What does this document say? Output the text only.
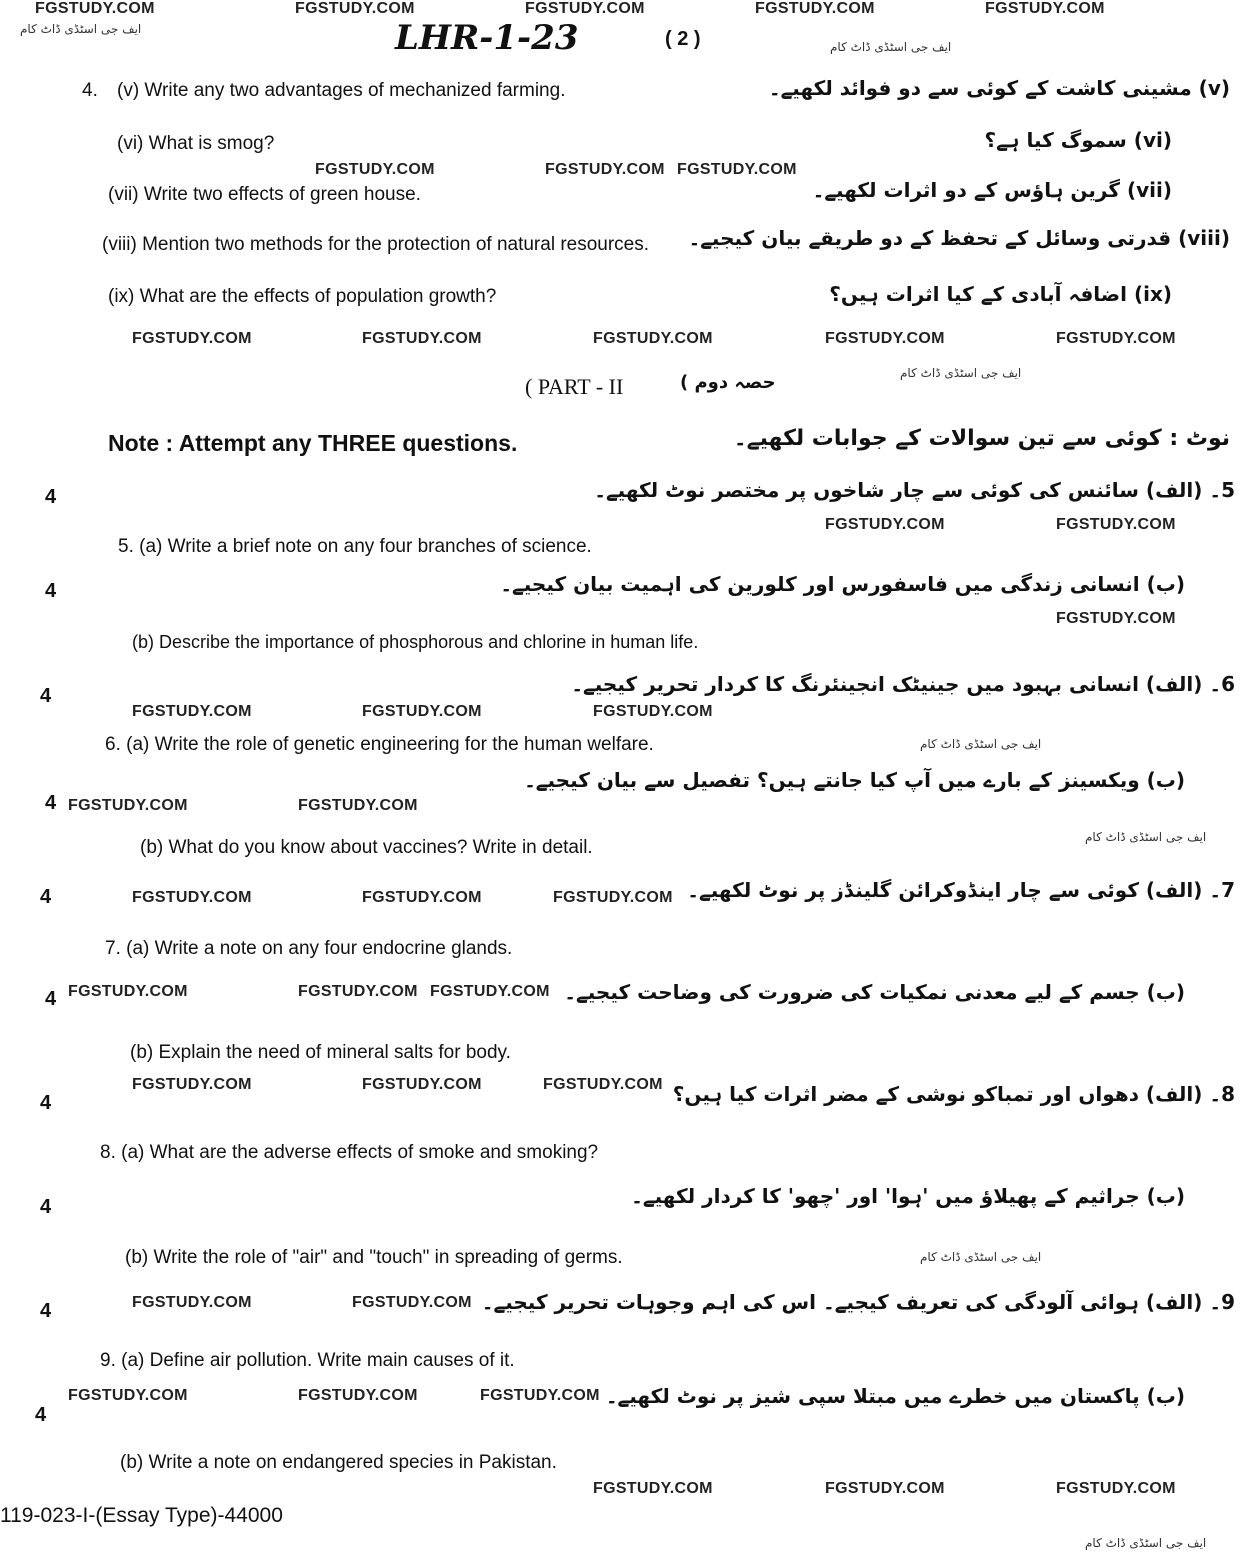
FGSTUDY.COM	FGSTUDY.COM	FGSTUDY.COM	FGSTUDY.COM	FGSTUDY.COM
FGSTUDY.COM	FGSTUDY.COM FGSTUDY.COM
FGSTUDY.COM	FGSTUDY.COM	FGSTUDY.COM	FGSTUDY.COM	FGSTUDY.COM
FGSTUDY.COM	FGSTUDY.COM
FGSTUDY.COM
FGSTUDY.COM	FGSTUDY.COM	FGSTUDY.COM
FGSTUDY.COM	FGSTUDY.COM
FGSTUDY.COM	FGSTUDY.COM	FGSTUDY.COM
FGSTUDY.COM	FGSTUDY.COM FGSTUDY.COM
FGSTUDY.COM	FGSTUDY.COM	FGSTUDY.COM
FGSTUDY.COM	FGSTUDY.COM
FGSTUDY.COM	FGSTUDY.COM	FGSTUDY.COM
FGSTUDY.COM	FGSTUDY.COM	FGSTUDY.COM
ایف جی اسٹڈی ڈاٹ کام
ایف جی اسٹڈی ڈاٹ کام
ایف جی اسٹڈی ڈاٹ کام
ایف جی اسٹڈی ڈاٹ کام
ایف جی اسٹڈی ڈاٹ کام
ایف جی اسٹڈی ڈاٹ کام
ایف جی اسٹڈی ڈاٹ کام
LHR-1-23	( 2 )
4. (v) Write any two advantages of mechanized farming.	(v) مشینی کاشت کے کوئی سے دو فوائد لکھیے۔
(vi) What is smog?	(vi) سموگ کیا ہے؟
(vii) Write two effects of green house.	(vii) گرین ہاؤس کے دو اثرات لکھیے۔
(viii) Mention two methods for the protection of natural resources. (viii) قدرتی وسائل کے تحفظ کے دو طریقے بیان کیجیے۔
(ix) What are the effects of population growth?	(ix) اضافہ آبادی کے کیا اثرات ہیں؟
( PART - II	حصہ دوم )
Note : Attempt any THREE questions.	نوٹ : کوئی سے تین سوالات کے جوابات لکھیے۔
4	5۔ (الف) سائنس کی کوئی سے چار شاخوں پر مختصر نوٹ لکھیے۔
5. (a) Write a brief note on any four branches of science.
4	(ب) انسانی زندگی میں فاسفورس اور کلورین کی اہمیت بیان کیجیے۔
(b) Describe the importance of phosphorous and chlorine in human life.
4	6۔ (الف) انسانی بہبود میں جینیٹک انجینئرنگ کا کردار تحریر کیجیے۔
6. (a) Write the role of genetic engineering for the human welfare.
4
(ب) ویکسینز کے بارے میں آپ کیا جانتے ہیں؟ تفصیل سے بیان کیجیے۔
(b) What do you know about vaccines? Write in detail.
4	7۔ (الف) کوئی سے چار اینڈوکرائن گلینڈز پر نوٹ لکھیے۔
7. (a) Write a note on any four endocrine glands.
4	(ب) جسم کے لیے معدنی نمکیات کی ضرورت کی وضاحت کیجیے۔
(b) Explain the need of mineral salts for body.
4	8۔ (الف) دھواں اور تمباکو نوشی کے مضر اثرات کیا ہیں؟
8. (a) What are the adverse effects of smoke and smoking?
4	(ب) جراثیم کے پھیلاؤ میں 'ہوا' اور 'چھو' کا کردار لکھیے۔
(b) Write the role of "air" and "touch" in spreading of germs.
4	9۔ (الف) ہوائی آلودگی کی تعریف کیجیے۔ اس کی اہم وجوہات تحریر کیجیے۔
9. (a) Define air pollution. Write main causes of it.
4
(ب) پاکستان میں خطرے میں مبتلا سپی شیز پر نوٹ لکھیے۔
(b) Write a note on endangered species in Pakistan.
119-023-I-(Essay Type)-44000
